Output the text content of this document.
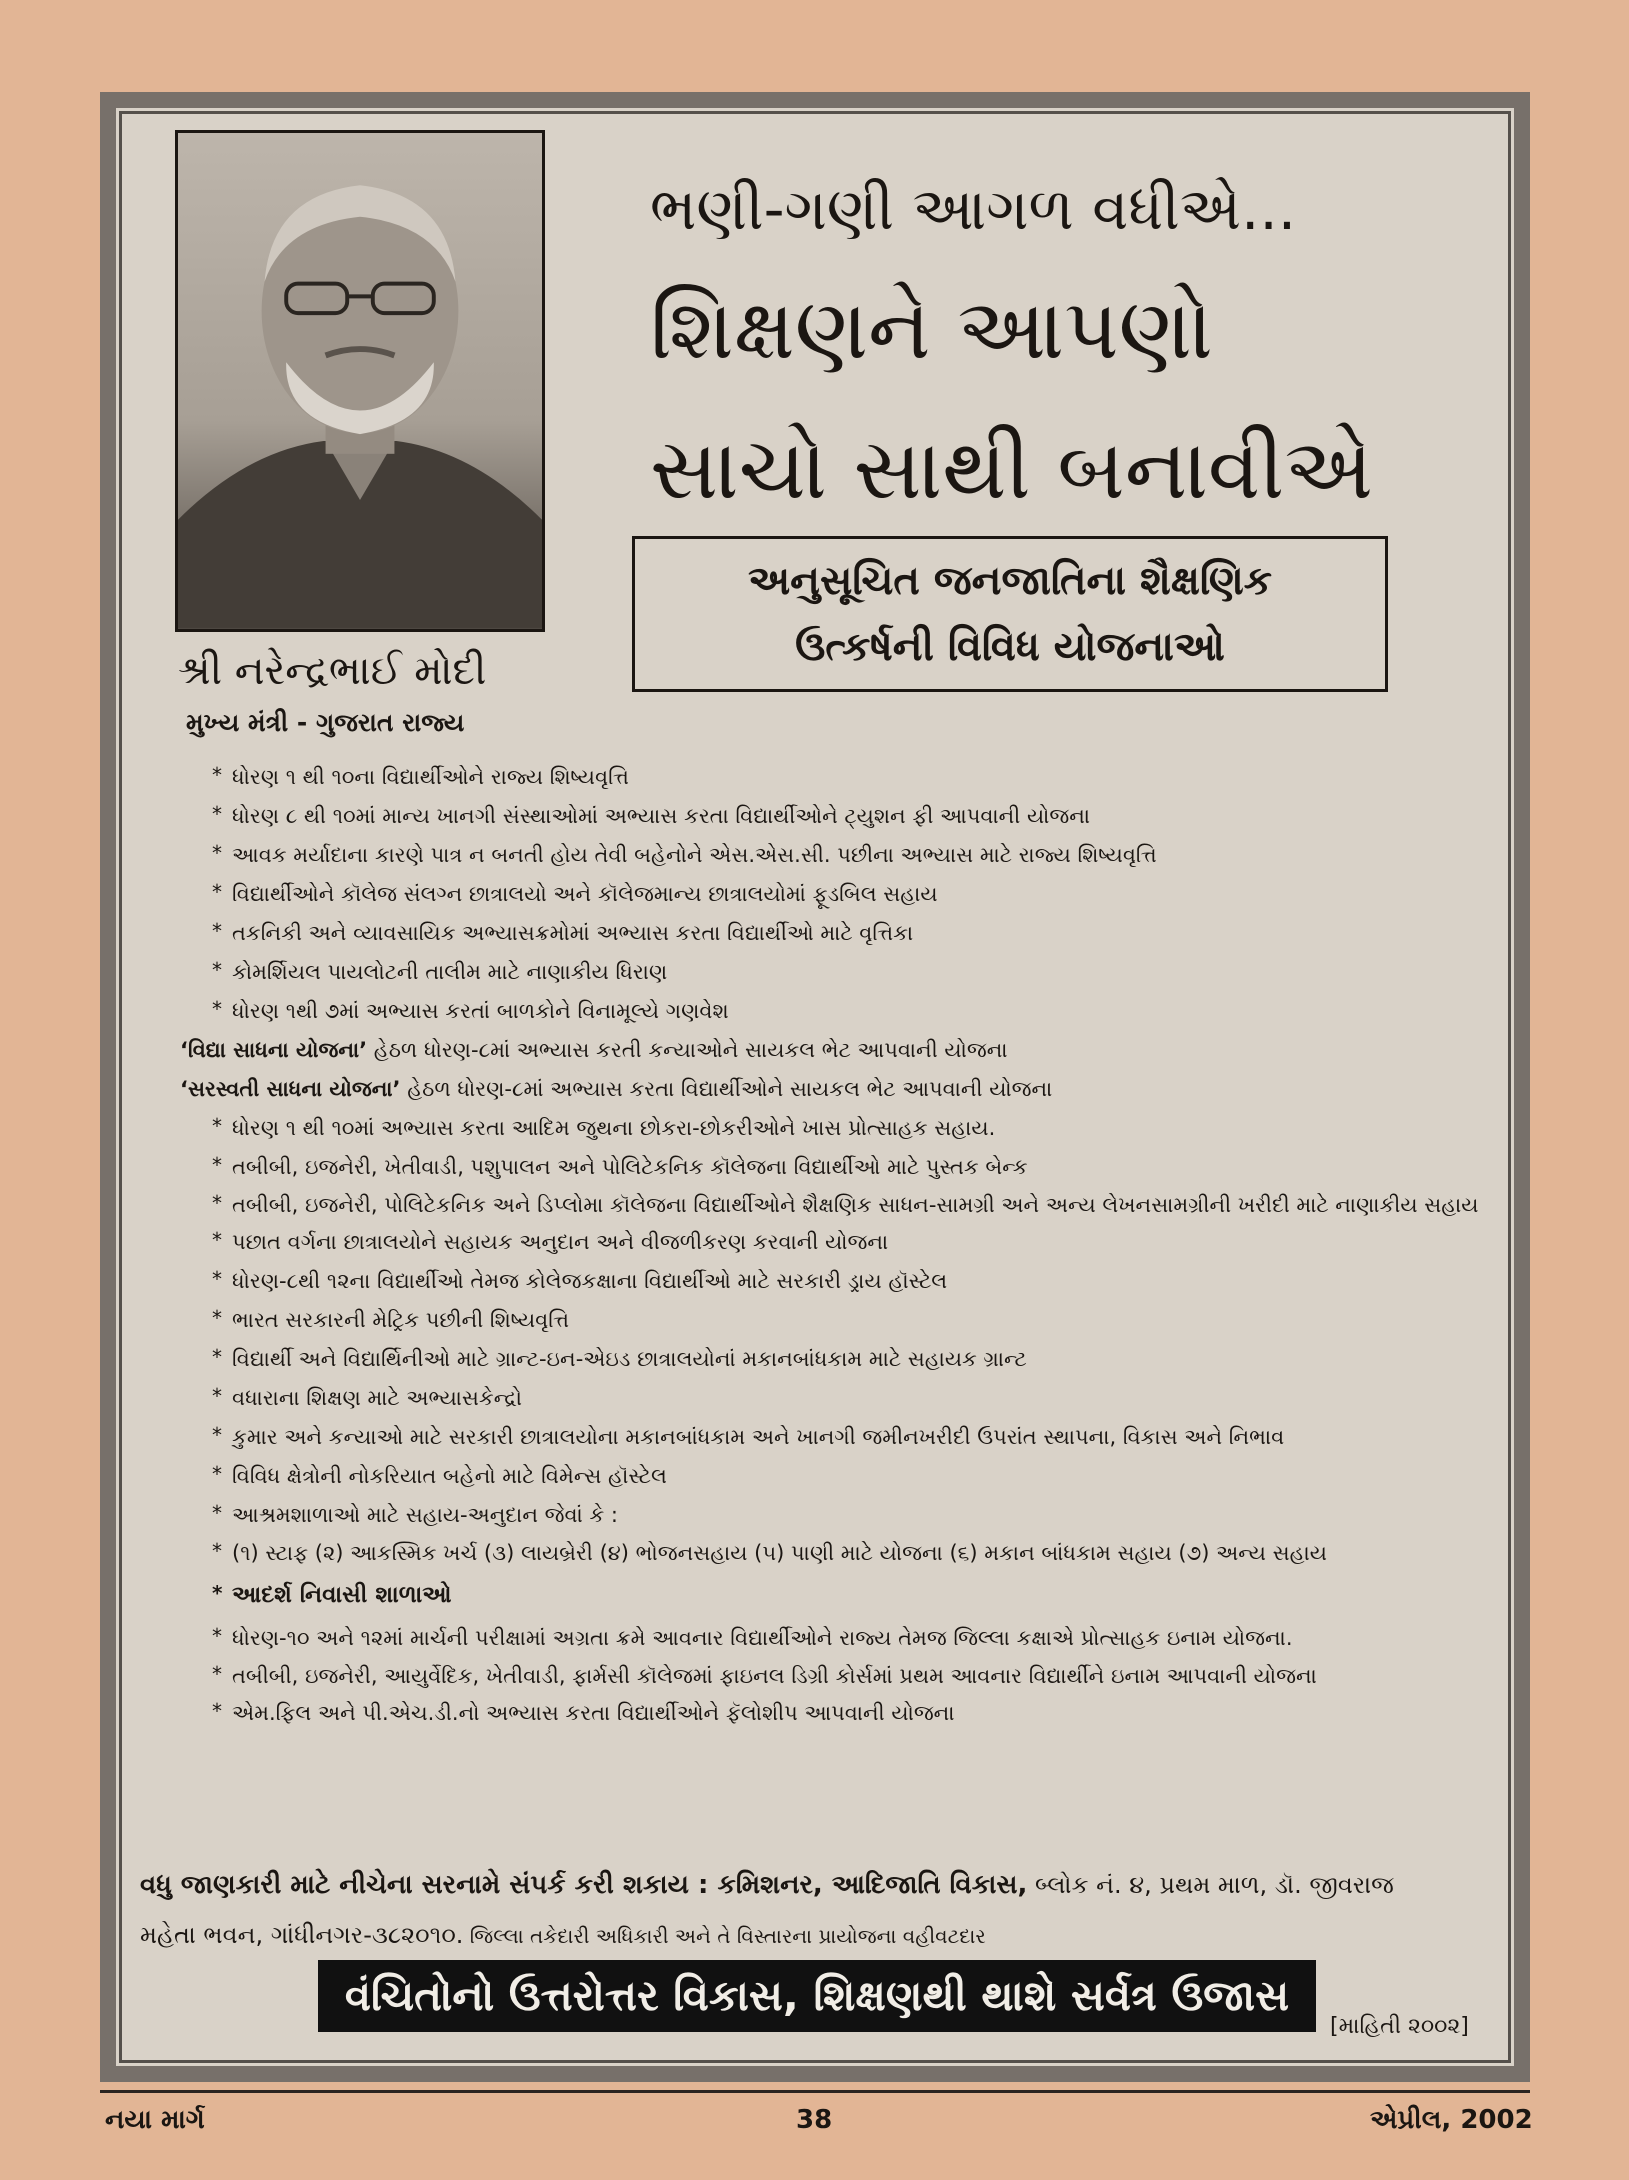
શ્રી નરેન્દ્રભાઈ મોદી
મુખ્ય મંત્રી - ગુજરાત રાજ્ય
ભણી-ગણી આગળ વધીએ...
શિક્ષણને આપણો
સાચો સાથી બનાવીએ
અનુસૂચિત જનજાતિના શૈક્ષણિક
ઉત્કર્ષની વિવિધ યોજનાઓ
* ધોરણ ૧ થી ૧૦ના વિદ્યાર્થીઓને રાજ્ય શિષ્યવૃત્તિ
* ધોરણ ૮ થી ૧૦માં માન્ય ખાનગી સંસ્થાઓમાં અભ્યાસ કરતા વિદ્યાર્થીઓને ટ્યુશન ફી આપવાની યોજના
* આવક મર્યાદાના કારણે પાત્ર ન બનતી હોય તેવી બહેનોને એસ.એસ.સી. પછીના અભ્યાસ માટે રાજ્ય શિષ્યવૃત્તિ
* વિદ્યાર્થીઓને કૉલેજ સંલગ્ન છાત્રાલયો અને કૉલેજમાન્ય છાત્રાલયોમાં ફૂડબિલ સહાય
* તકનિકી અને વ્યાવસાયિક અભ્યાસક્રમોમાં અભ્યાસ કરતા વિદ્યાર્થીઓ માટે વૃત્તિકા
* કોમર્શિયલ પાયલોટની તાલીમ માટે નાણાકીય ધિરાણ
* ધોરણ ૧થી ૭માં અભ્યાસ કરતાં બાળકોને વિનામૂલ્યે ગણવેશ
‘વિદ્યા સાધના યોજના’ હેઠળ ધોરણ-૮માં અભ્યાસ કરતી કન્યાઓને સાયકલ ભેટ આપવાની યોજના
‘સરસ્વતી સાધના યોજના’ હેઠળ ધોરણ-૮માં અભ્યાસ કરતા વિદ્યાર્થીઓને સાયકલ ભેટ આપવાની યોજના
* ધોરણ ૧ થી ૧૦માં અભ્યાસ કરતા આદિમ જુથના છોકરા-છોકરીઓને ખાસ પ્રોત્સાહક સહાય.
* તબીબી, ઇજનેરી, ખેતીવાડી, પશુપાલન અને પોલિટેકનિક કૉલેજના વિદ્યાર્થીઓ માટે પુસ્તક બેન્ક
* તબીબી, ઇજનેરી, પોલિટેકનિક અને ડિપ્લોમા કૉલેજના વિદ્યાર્થીઓને શૈક્ષણિક સાધન-સામગ્રી અને અન્ય લેખનસામગ્રીની ખરીદી માટે નાણાકીય સહાય
* પછાત વર્ગના છાત્રાલયોને સહાયક અનુદાન અને વીજળીકરણ કરવાની યોજના
* ધોરણ-૮થી ૧૨ના વિદ્યાર્થીઓ તેમજ કોલેજકક્ષાના વિદ્યાર્થીઓ માટે સરકારી ડ્રાય હૉસ્ટેલ
* ભારત સરકારની મેટ્રિક પછીની શિષ્યવૃત્તિ
* વિદ્યાર્થી અને વિદ્યાર્થિનીઓ માટે ગ્રાન્ટ-ઇન-એઇડ છાત્રાલયોનાં મકાનબાંધકામ માટે સહાયક ગ્રાન્ટ
* વધારાના શિક્ષણ માટે અભ્યાસકેન્દ્રો
* કુમાર અને કન્યાઓ માટે સરકારી છાત્રાલયોના મકાનબાંધકામ અને ખાનગી જમીનખરીદી ઉપરાંત સ્થાપના, વિકાસ અને નિભાવ
* વિવિધ ક્ષેત્રોની નોકરિયાત બહેનો માટે વિમેન્સ હૉસ્ટેલ
* આશ્રમશાળાઓ માટે સહાય-અનુદાન જેવાં કે :
* (૧) સ્ટાફ (૨) આકસ્મિક ખર્ચ (૩) લાયબ્રેરી (૪) ભોજનસહાય (૫) પાણી માટે યોજના (૬) મકાન બાંધકામ સહાય (૭) અન્ય સહાય
* આદર્શ નિવાસી શાળાઓ
* ધોરણ-૧૦ અને ૧૨માં માર્ચની પરીક્ષામાં અગ્રતા ક્રમે આવનાર વિદ્યાર્થીઓને રાજ્ય તેમજ જિલ્લા કક્ષાએ પ્રોત્સાહક ઇનામ યોજના.
* તબીબી, ઇજનેરી, આયુર્વેદિક, ખેતીવાડી, ફાર્મસી કૉલેજમાં ફાઇનલ ડિગ્રી કોર્સમાં પ્રથમ આવનાર વિદ્યાર્થીને ઇનામ આપવાની યોજના
* એમ.ફિલ અને પી.એચ.ડી.નો અભ્યાસ કરતા વિદ્યાર્થીઓને ફૅલોશીપ આપવાની યોજના
વધુ જાણકારી માટે નીચેના સરનામે સંપર્ક કરી શકાય : કમિશનર, આદિજાતિ વિકાસ, બ્લોક નં. ૪, પ્રથમ માળ, ડૉ. જીવરાજ મહેતા ભવન, ગાંધીનગર-૩૮૨૦૧૦. જિલ્લા તકેદારી અધિકારી અને તે વિસ્તારના પ્રાયોજના વહીવટદાર
વંચિતોનો ઉત્તરોત્તર વિકાસ, શિક્ષણથી થાશે સર્વત્ર ઉજાસ
[માહિતી ૨૦૦૨]
નયા માર્ગ	38	એપ્રીલ, 2002
